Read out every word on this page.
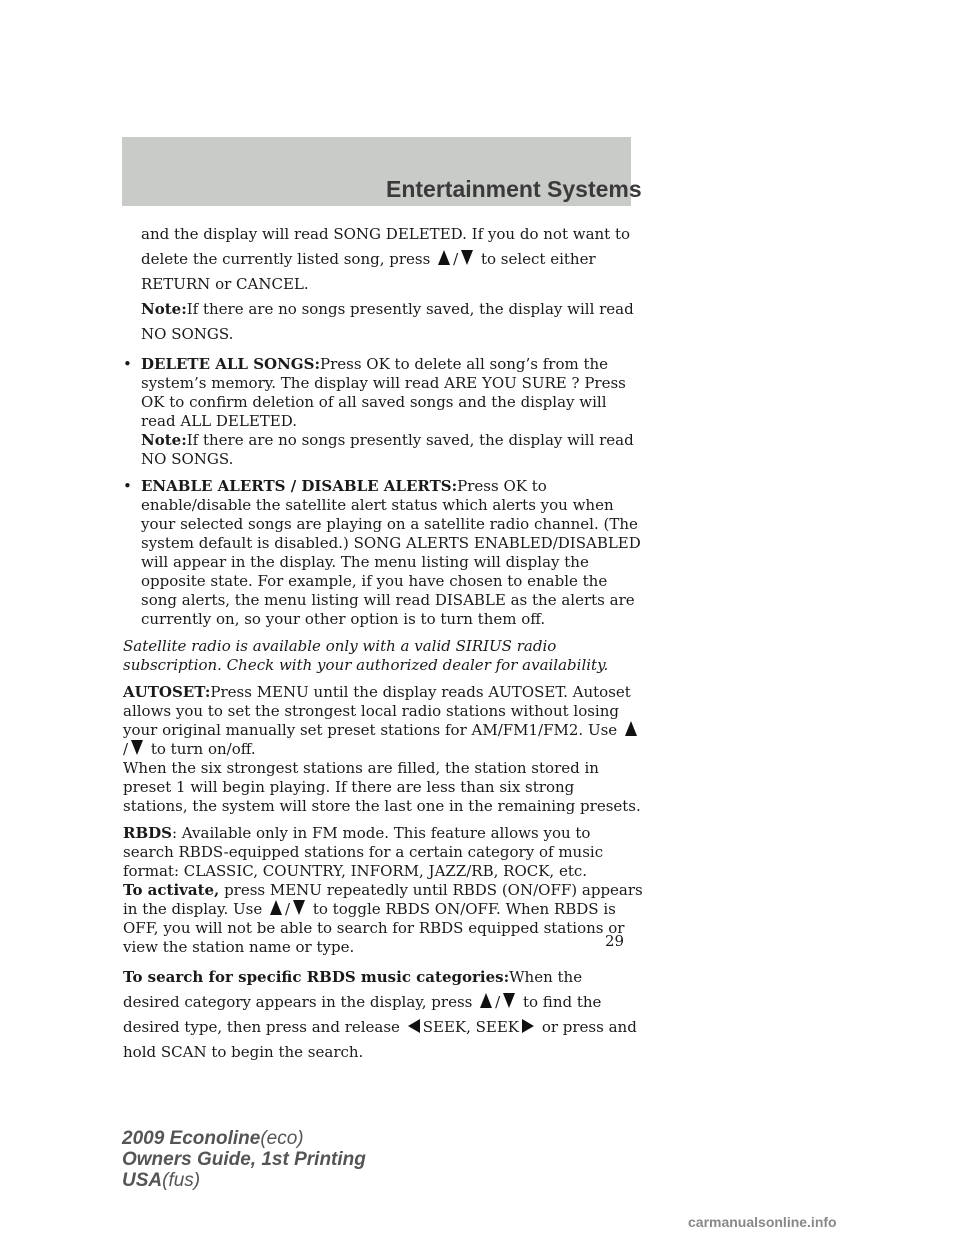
Entertainment Systems

and the display will read SONG DELETED. If you do not want to
delete the currently listed song, press / to select either
RETURN or CANCEL.
Note:If there are no songs presently saved, the display will read NO SONGS.

• DELETE ALL SONGS:Press OK to delete all song’s from the system’s memory. The display will read ARE YOU SURE ? Press OK to confirm deletion of all saved songs and the display will read ALL DELETED.
Note:If there are no songs presently saved, the display will read NO SONGS.
• ENABLE ALERTS / DISABLE ALERTS:Press OK to enable/disable the satellite alert status which alerts you when your selected songs are playing on a satellite radio channel. (The system default is disabled.) SONG ALERTS ENABLED/DISABLED will appear in the display. The menu listing will display the opposite state. For example, if you have chosen to enable the song alerts, the menu listing will read DISABLE as the alerts are currently on, so your other option is to turn them off.

Satellite radio is available only with a valid SIRIUS radio subscription. Check with your authorized dealer for availability.

AUTOSET:Press MENU until the display reads AUTOSET. Autoset allows you to set the strongest local radio stations without losing your original manually set preset stations for AM/FM1/FM2. Use / to turn on/off.
When the six strongest stations are filled, the station stored in preset 1 will begin playing. If there are less than six strong stations, the system will store the last one in the remaining presets.

RBDS: Available only in FM mode. This feature allows you to search RBDS-equipped stations for a certain category of music format: CLASSIC, COUNTRY, INFORM, JAZZ/RB, ROCK, etc.
To activate, press MENU repeatedly until RBDS (ON/OFF) appears in the display. Use / to toggle RBDS ON/OFF. When RBDS is OFF, you will not be able to search for RBDS equipped stations or view the station name or type.

To search for specific RBDS music categories:When the desired category appears in the display, press / to find the desired type, then press and release SEEK, SEEK or press and hold SCAN to begin the search.

29
2009 Econoline(eco)
Owners Guide, 1st Printing
USA(fus)
carmanualsonline.info
